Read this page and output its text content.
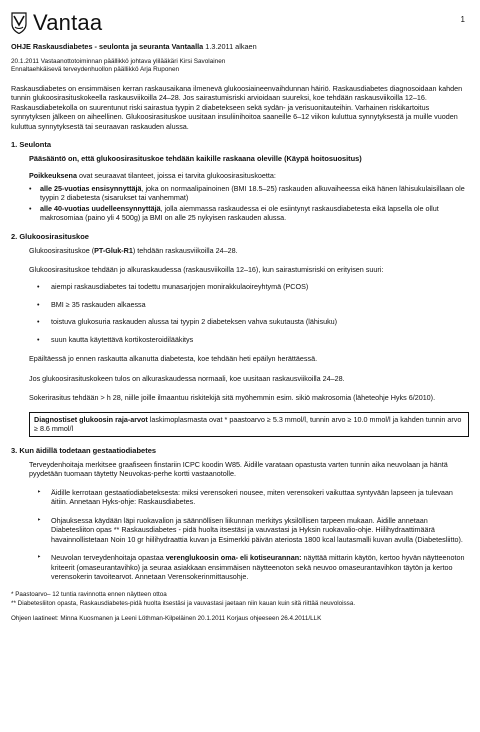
1
Vantaa
OHJE Raskausdiabetes - seulonta ja seuranta Vantaalla 1.3.2011 alkaen
20.1.2011 Vastaanottotoiminnan päällikkö johtava ylilääkäri Kirsi Savolainen
Ennaltaehkäisevä terveydenhuollon päällikkö Arja Ruponen
Raskausdiabetes on ensimmäisen kerran raskausaikana ilmenevä glukoosiaineenvaihdunnan häiriö. Raskausdiabetes diagnosoidaan kahden tunnin glukoosirasituskokeella raskausviikoilla 24–28. Jos sairastumisriski arvioidaan suureksi, koe tehdään raskausviikoilla 12–16. Raskausdiabetekolla on suurentunut riski sairastua tyypin 2 diabetekseen sekä sydän- ja verisuonitauteihin. Varhainen riskikartoitus synnytyksen jälkeen on aiheellinen. Glukoosirasituskoe uusitaan insuliinihoitoa saaneille 6–12 viikon kuluttua synnytyksestä ja muille vuoden kuluttua synnytyksestä tai seuraavan raskauden alussa.
1. Seulonta
Pääsääntö on, että glukoosirasituskoe tehdään kaikille raskaana oleville (Käypä hoitosuositus)
Poikkeuksena ovat seuraavat tilanteet, joissa ei tarvita glukoosirasituskoetta:
• alle 25-vuotias ensisynnyttäjä, joka on normaalipainoinen (BMI 18.5–25) raskauden alkuvaiheessa eikä hänen lähisukulaisillaan ole tyypin 2 diabetesta (sisarukset tai vanhemmat)
• alle 40-vuotias uudelleensynnyttäjä, jolla aiemmassa raskaudessa ei ole esiintynyt raskausdiabetesta eikä lapsella ole ollut makrosomiaa (paino yli 4 500g) ja BMI on alle 25 nykyisen raskauden alussa.
2. Glukoosirasituskoe
Glukoosirasituskoe (PT-Gluk-R1) tehdään raskausviikoilla 24–28.
Glukoosirasituskoe tehdään jo alkuraskaudessa (raskausviikoilla 12–16), kun sairastumisriski on erityisen suuri:
• aiempi raskausdiabetes tai todettu munasarjojen monirakkulaoireyhtymä (PCOS)
• BMI ≥ 35 raskauden alkaessa
• toistuva glukosuria raskauden alussa tai tyypin 2 diabeteksen vahva sukutausta (lähisuku)
• suun kautta käytettävä kortikosteroidilääkitys
Epäiltäessä jo ennen raskautta alkanutta diabetesta, koe tehdään heti epäilyn herättäessä.
Jos glukoosirasituskokeen tulos on alkuraskaudessa normaali, koe uusitaan raskausviikoilla 24–28.
Sokerirasitus tehdään > h 28, niille joille ilmaantuu riskitekijä sitä myöhemmin esim. sikiö makrosomia (läheteohje Hyks 6/2010).
Diagnostiset glukoosin raja-arvot laskimoplasmasta ovat * paastoarvo ≥ 5.3 mmol/l, tunnin arvo ≥ 10.0 mmol/l ja kahden tunnin arvo ≥ 8.6 mmol/l
3. Kun äidillä todetaan gestaatiodiabetes
Terveydenhoitaja merkitsee graafiseen finstariin ICPC koodin W85. Äidille varataan opastusta varten tunnin aika neuvolaan ja häntä pyydetään tuomaan täytetty Neuvokas-perhe kortti vastaanotolle.
‣ Äidille kerrotaan gestaatiodiabeteksesta: miksi verensokeri nousee, miten verensokeri vaikuttaa syntyvään lapseen ja tulevaan äitiin. Annetaan Hyks-ohje: Raskausdiabetes.
‣ Ohjauksessa käydään läpi ruokavalion ja säännöllisen liikunnan merkitys yksilöllisen tarpeen mukaan. Äidille annetaan Diabetesliiton opas ** Raskausdiabetes - pidä huolta itsestäsi ja vauvastasi ja Hyksin ruokavalio-ohje. Hiilihydraattimäärä havainnollistetaan Noin 10 gr hiilihydraattia kuvan ja Esimerkki päivän ateriosta 1800 kcal lautasmalli kuvan avulla (Diabetesliitto).
‣ Neuvolan terveydenhoitaja opastaa verenglukoosin oma- eli kotiseurannan: näyttää mittarin käytön, kertoo hyvän näytteenoton kriteerit (omaseurantavihko) ja seuraa asiakkaan ensimmäisen näytteenoton sekä neuvoo omaseurantavihkon täytön ja kertoo verensokerin tavoitearvot. Annetaan Verensokerinmittausohje.
* Paastoarvo– 12 tuntia ravinnotta ennen näytteen ottoa
** Diabetesliiton opasta, Raskausdiabetes-pidä huolta itsestäsi ja vauvastasi jaetaan niin kauan kuin sitä riittää neuvoloissa.
Ohjeen laatineet: Minna Kuosmanen ja Leeni Löthman-Kilpeläinen 20.1.2011 Korjaus ohjeeseen 26.4.2011/LLK
